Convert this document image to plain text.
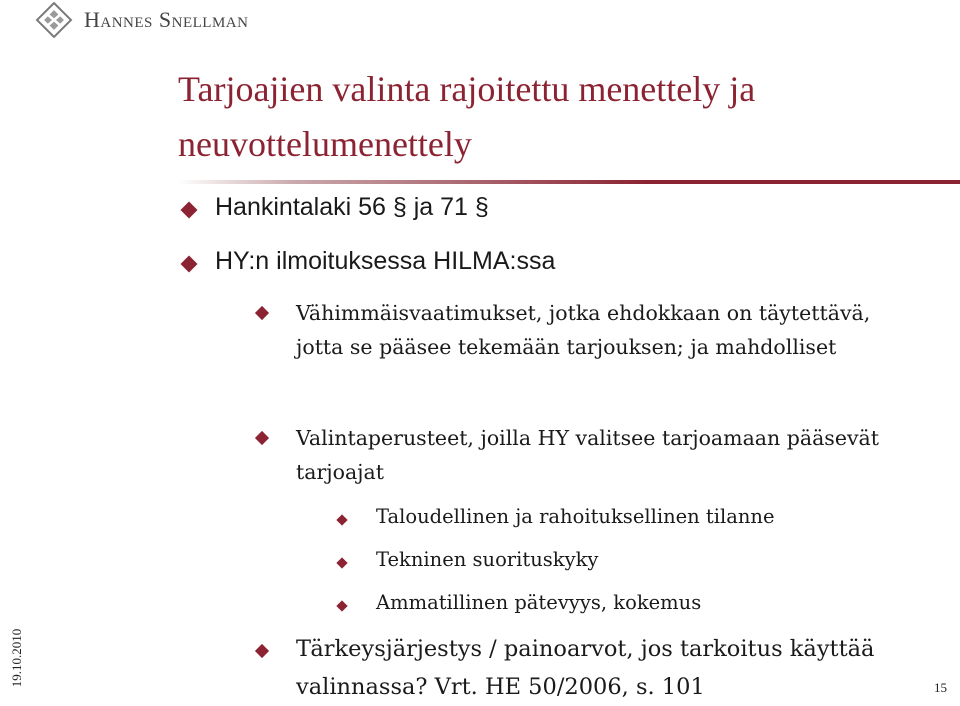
Hannes Snellman
Tarjoajien valinta rajoitettu menettely ja neuvottelumenettely

Hankintalaki 56 § ja 71 §

HY:n ilmoituksessa HILMA:ssa

Vähimmäisvaatimukset, jotka ehdokkaan on täytettävä, jotta se pääsee tekemään tarjouksen; ja mahdolliset

Valintaperusteet, joilla HY valitsee tarjoamaan pääsevät tarjoajat

Taloudellinen ja rahoituksellinen tilanne

Tekninen suorituskyky

Ammatillinen pätevyys, kokemus

Tärkeysjärjestys / painoarvot, jos tarkoitus käyttää valinnassa? Vrt. HE 50/2006, s. 101

19.10.2010
15
